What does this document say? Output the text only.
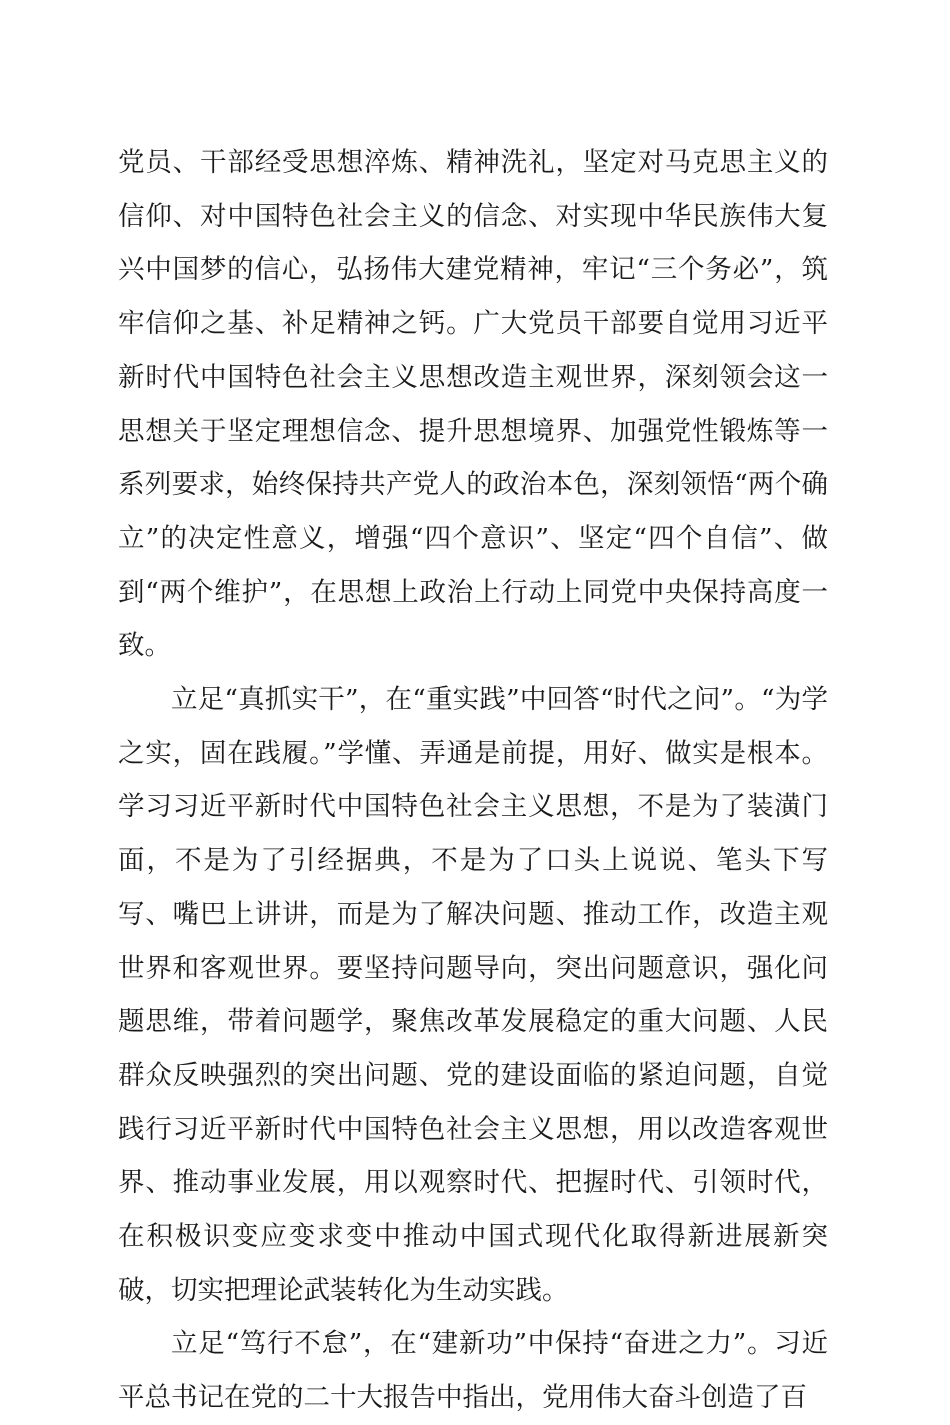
党员、干部经受思想淬炼、精神洗礼，坚定对马克思主义的信仰、对中国特色社会主义的信念、对实现中华民族伟大复兴中国梦的信心，弘扬伟大建党精神，牢记“三个务必”，筑牢信仰之基、补足精神之钙。广大党员干部要自觉用习近平新时代中国特色社会主义思想改造主观世界，深刻领会这一思想关于坚定理想信念、提升思想境界、加强党性锻炼等一系列要求，始终保持共产党人的政治本色，深刻领悟“两个确立”的决定性意义，增强“四个意识”、坚定“四个自信”、做到“两个维护”，在思想上政治上行动上同党中央保持高度一致。

立足“真抓实干”，在“重实践”中回答“时代之问”。“为学之实，固在践履。”学懂、弄通是前提，用好、做实是根本。学习习近平新时代中国特色社会主义思想，不是为了装潢门面，不是为了引经据典，不是为了口头上说说、笔头下写写、嘴巴上讲讲，而是为了解决问题、推动工作，改造主观世界和客观世界。要坚持问题导向，突出问题意识，强化问题思维，带着问题学，聚焦改革发展稳定的重大问题、人民群众反映强烈的突出问题、党的建设面临的紧迫问题，自觉践行习近平新时代中国特色社会主义思想，用以改造客观世界、推动事业发展，用以观察时代、把握时代、引领时代，在积极识变应变求变中推动中国式现代化取得新进展新突破，切实把理论武装转化为生动实践。

立足“笃行不怠”，在“建新功”中保持“奋进之力”。习近平总书记在党的二十大报告中指出，党用伟大奋斗创造了百
